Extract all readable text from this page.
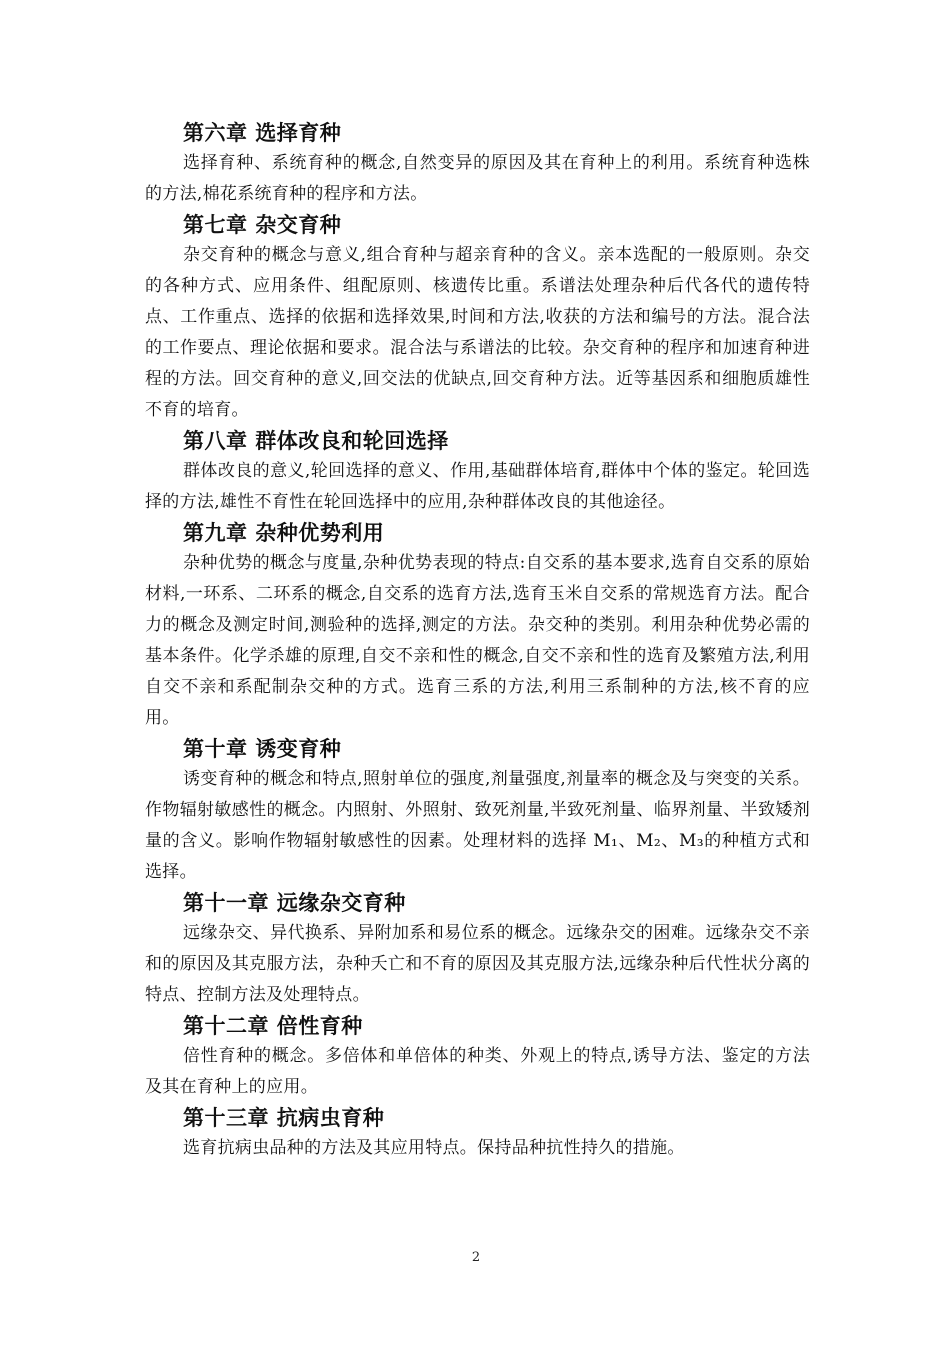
第六章 选择育种

选择育种、系统育种的概念,自然变异的原因及其在育种上的利用。系统育种选株的方法,棉花系统育种的程序和方法。

第七章 杂交育种

杂交育种的概念与意义,组合育种与超亲育种的含义。亲本选配的一般原则。杂交的各种方式、应用条件、组配原则、核遗传比重。系谱法处理杂种后代各代的遗传特点、工作重点、选择的依据和选择效果,时间和方法,收获的方法和编号的方法。混合法的工作要点、理论依据和要求。混合法与系谱法的比较。杂交育种的程序和加速育种进程的方法。回交育种的意义,回交法的优缺点,回交育种方法。近等基因系和细胞质雄性不育的培育。

第八章 群体改良和轮回选择

群体改良的意义,轮回选择的意义、作用,基础群体培育,群体中个体的鉴定。轮回选择的方法,雄性不育性在轮回选择中的应用,杂种群体改良的其他途径。

第九章 杂种优势利用

杂种优势的概念与度量,杂种优势表现的特点:自交系的基本要求,选育自交系的原始材料,一环系、二环系的概念,自交系的选育方法,选育玉米自交系的常规选育方法。配合力的概念及测定时间,测验种的选择,测定的方法。杂交种的类别。利用杂种优势必需的基本条件。化学杀雄的原理,自交不亲和性的概念,自交不亲和性的选育及繁殖方法,利用自交不亲和系配制杂交种的方式。选育三系的方法,利用三系制种的方法,核不育的应用。

第十章 诱变育种

诱变育种的概念和特点,照射单位的强度,剂量强度,剂量率的概念及与突变的关系。作物辐射敏感性的概念。内照射、外照射、致死剂量,半致死剂量、临界剂量、半致矮剂量的含义。影响作物辐射敏感性的因素。处理材料的选择 M₁、M₂、M₃的种植方式和选择。

第十一章 远缘杂交育种

远缘杂交、异代换系、异附加系和易位系的概念。远缘杂交的困难。远缘杂交不亲和的原因及其克服方法，杂种夭亡和不育的原因及其克服方法,远缘杂种后代性状分离的特点、控制方法及处理特点。

第十二章 倍性育种

倍性育种的概念。多倍体和单倍体的种类、外观上的特点,诱导方法、鉴定的方法及其在育种上的应用。

第十三章 抗病虫育种

选育抗病虫品种的方法及其应用特点。保持品种抗性持久的措施。

2
